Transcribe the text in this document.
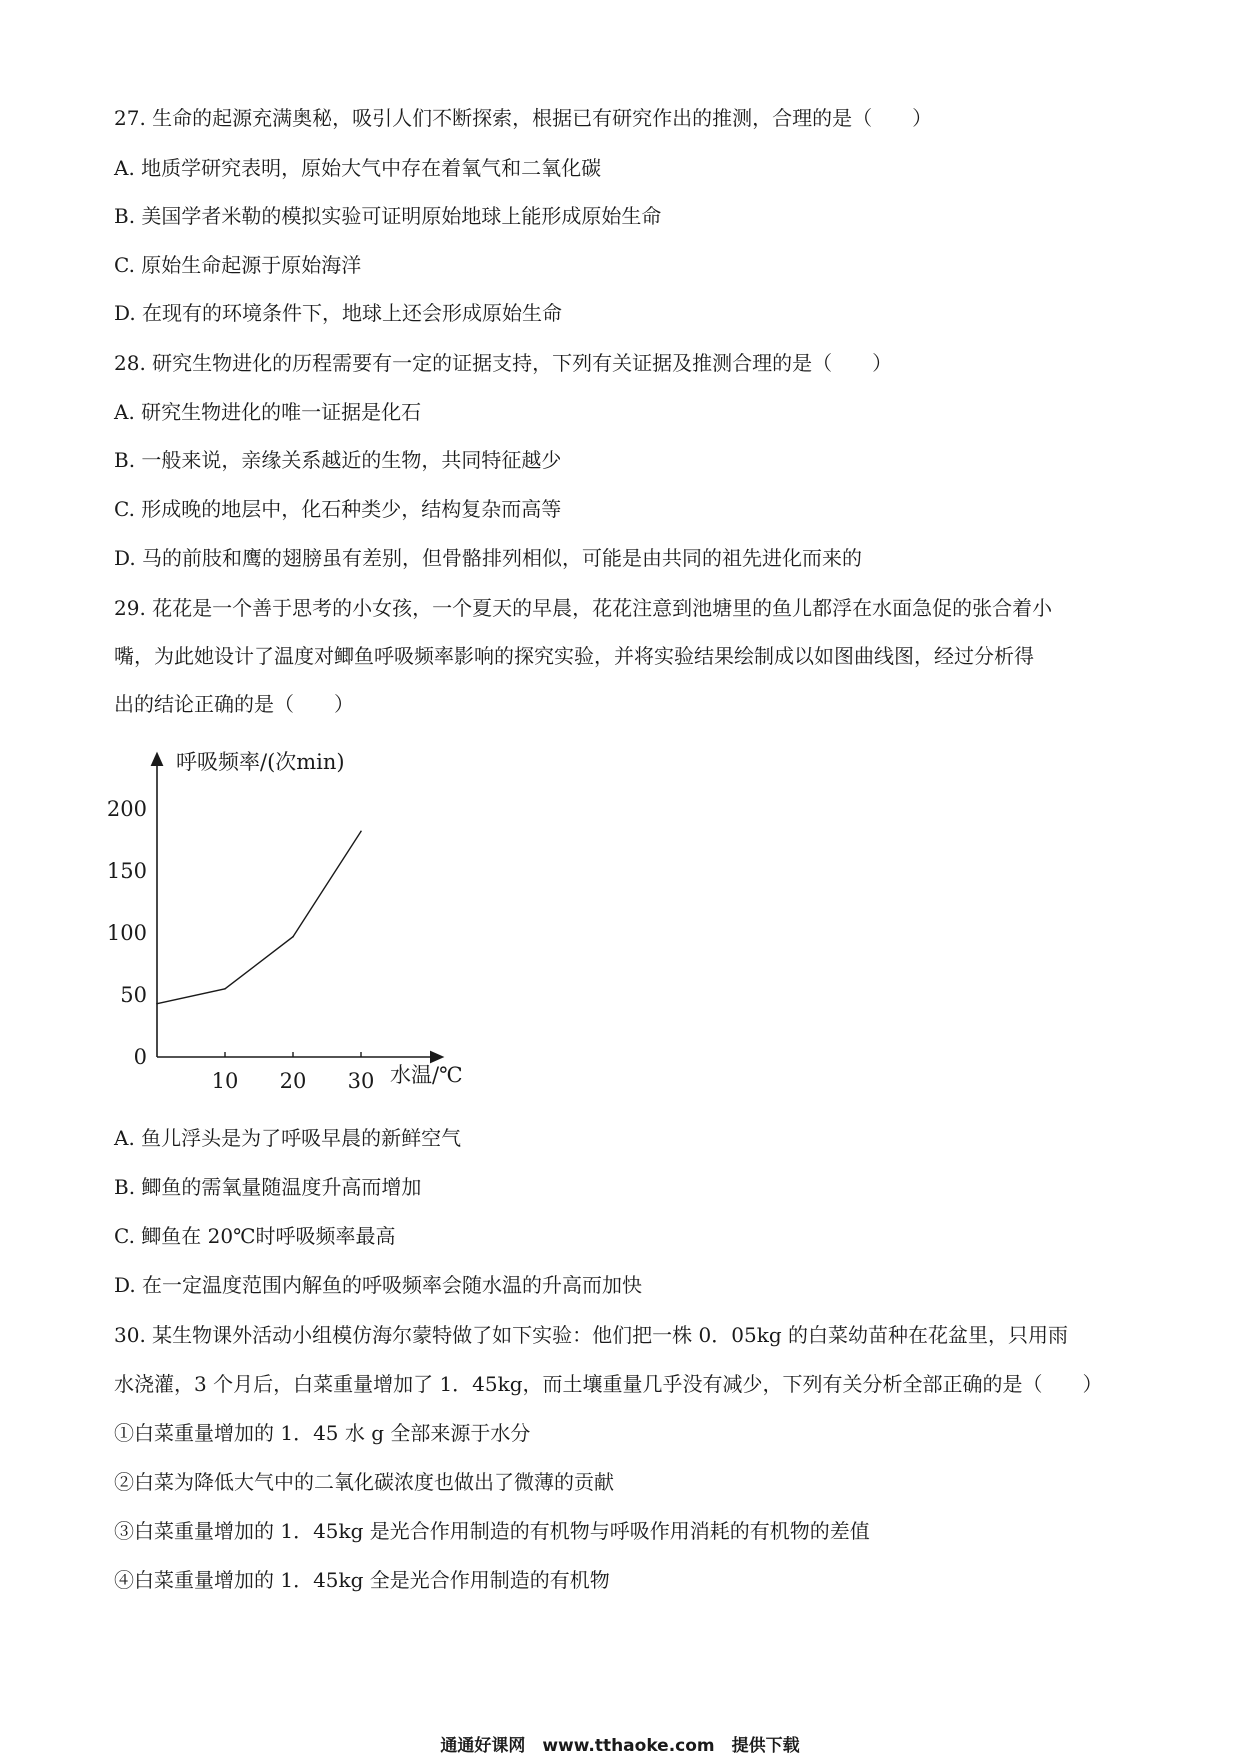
27. 生命的起源充满奥秘，吸引人们不断探索，根据已有研究作出的推测，合理的是（　　）
A. 地质学研究表明，原始大气中存在着氧气和二氧化碳
B. 美国学者米勒的模拟实验可证明原始地球上能形成原始生命
C. 原始生命起源于原始海洋
D. 在现有的环境条件下，地球上还会形成原始生命
28. 研究生物进化的历程需要有一定的证据支持，下列有关证据及推测合理的是（　　）
A. 研究生物进化的唯一证据是化石
B. 一般来说，亲缘关系越近的生物，共同特征越少
C. 形成晚的地层中，化石种类少，结构复杂而高等
D. 马的前肢和鹰的翅膀虽有差别，但骨骼排列相似，可能是由共同的祖先进化而来的
29. 花花是一个善于思考的小女孩，一个夏天的早晨，花花注意到池塘里的鱼儿都浮在水面急促的张合着小
嘴，为此她设计了温度对鲫鱼呼吸频率影响的探究实验，并将实验结果绘制成以如图曲线图，经过分析得
出的结论正确的是（　　）
呼吸频率/(次min)
水温/℃
0
50
100
150
200
10 20 30
A. 鱼儿浮头是为了呼吸早晨的新鲜空气
B. 鲫鱼的需氧量随温度升高而增加
C. 鲫鱼在 20℃时呼吸频率最高
D. 在一定温度范围内解鱼的呼吸频率会随水温的升高而加快
30. 某生物课外活动小组模仿海尔蒙特做了如下实验：他们把一株 0．05kg 的白菜幼苗种在花盆里，只用雨
水浇灌，3 个月后，白菜重量增加了 1．45kg，而土壤重量几乎没有减少，下列有关分析全部正确的是（　　）
①白菜重量增加的 1．45 水 g 全部来源于水分
②白菜为降低大气中的二氧化碳浓度也做出了微薄的贡献
③白菜重量增加的 1．45kg 是光合作用制造的有机物与呼吸作用消耗的有机物的差值
④白菜重量增加的 1．45kg 全是光合作用制造的有机物
通通好课网　www.tthaoke.com　提供下载
